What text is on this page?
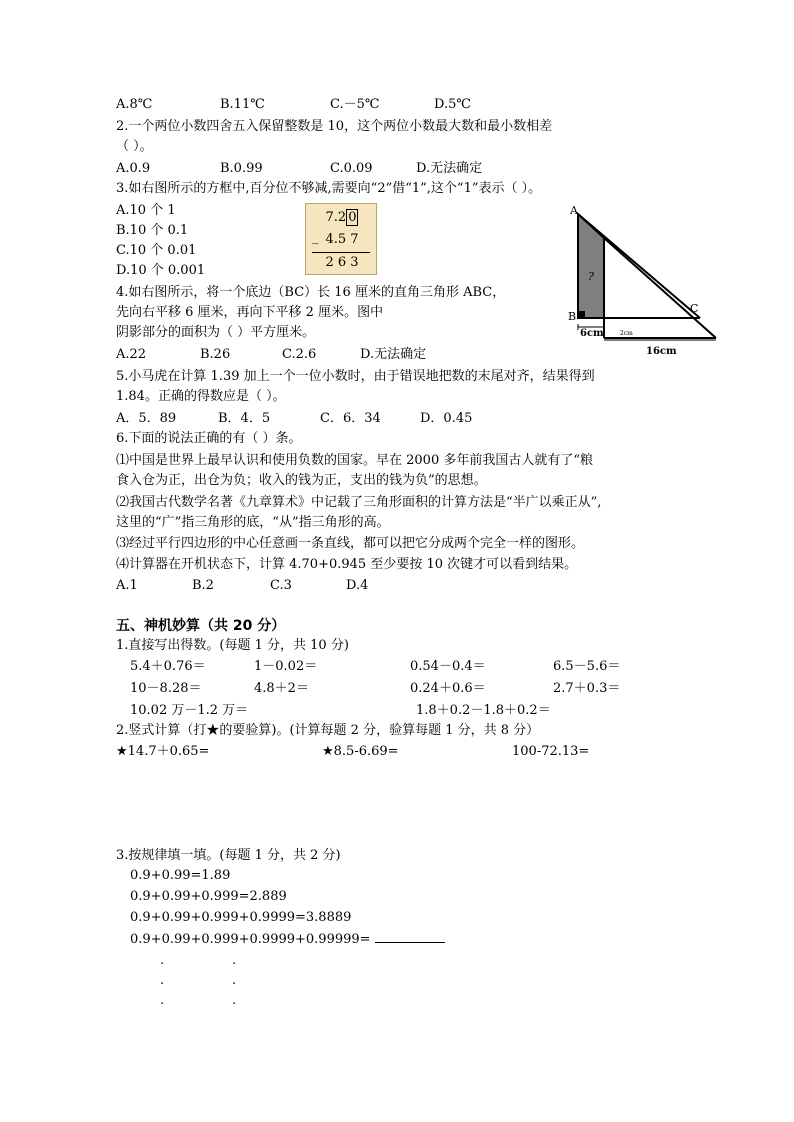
A.8℃	B.11℃	C.－5℃	D.5℃
2.一个两位小数四舍五入保留整数是 10，这个两位小数最大数和最小数相差
（ ）。
A.0.9	B.0.99	C.0.09	D.无法确定
3.如右图所示的方框中,百分位不够减,需要向“2”借“1”,这个“1”表示（ ）。
A.10 个 1
B.10 个 0.1
C.10 个 0.01
D.10 个 0.001
7.2 0
_ 4.5 7
2 6 3
4.如右图所示，将一个底边（BC）长 16 厘米的直角三角形 ABC，
先向右平移 6 厘米，再向下平移 2 厘米。图中
阴影部分的面积为（ ）平方厘米。
A.22	B.26	C.2.6	D.无法确定
A
B
C
?
6cm	2cm
16cm
5.小马虎在计算 1.39 加上一个一位小数时，由于错误地把数的末尾对齐，结果得到
1.84。正确的得数应是（ ）。
A．5．89	B．4．5	C．6．34	D．0.45
6.下面的说法正确的有（ ）条。
⑴中国是世界上最早认识和使用负数的国家。早在 2000 多年前我国古人就有了“粮
食入仓为正，出仓为负；收入的钱为正，支出的钱为负”的思想。
⑵我国古代数学名著《九章算术》中记载了三角形面积的计算方法是“半广以乘正从”,
这里的“广”指三角形的底，“从”指三角形的高。
⑶经过平行四边形的中心任意画一条直线，都可以把它分成两个完全一样的图形。
⑷计算器在开机状态下，计算 4.70+0.945 至少要按 10 次键才可以看到结果。
A.1	B.2	C.3	D.4
五、神机妙算（共 20 分）
1.直接写出得数。(每题 1 分，共 10 分)
5.4＋0.76＝	1－0.02＝	0.54－0.4＝	6.5－5.6＝
10－8.28＝	4.8＋2＝	0.24＋0.6＝	2.7＋0.3＝
10.02 万－1.2 万＝	1.8＋0.2－1.8＋0.2＝
2.竖式计算（打★的要验算)。(计算每题 2 分，验算每题 1 分，共 8 分）
★14.7＋0.65=	★8.5-6.69=	100-72.13=
3.按规律填一填。(每题 1 分，共 2 分)
0.9+0.99=1.89
0.9+0.99+0.999=2.889
0.9+0.99+0.999+0.9999=3.8889
0.9+0.99+0.999+0.9999+0.99999=
.	.
.	.
.	.
